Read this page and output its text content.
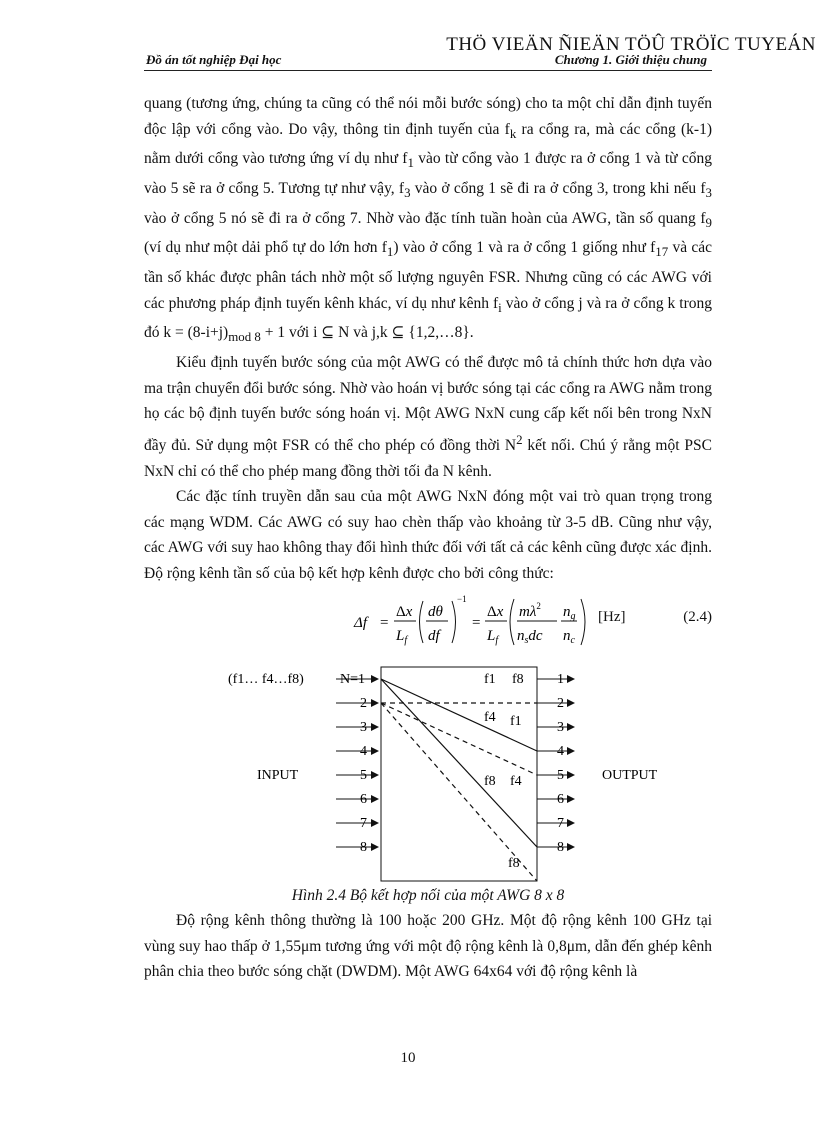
THÖ VIEÄN ÑIEÄN TÖÛ TRÖÏC TUYEÁN
Đồ án tốt nghiệp Đại học	Chương 1. Giới thiệu chung

quang (tương ứng, chúng ta cũng có thể nói mỗi bước sóng) cho ta một chỉ dẫn định tuyến độc lập với cổng vào. Do vậy, thông tin định tuyến của $f_k$ ra cổng ra, mà các cổng (k-1) nằm dưới cổng vào tương ứng ví dụ như $f_1$ vào từ cổng vào 1 được ra ở cổng 1 và từ cổng vào 5 sẽ ra ở cổng 5. Tương tự như vậy, $f_3$ vào ở cổng 1 sẽ đi ra ở cổng 3, trong khi nếu $f_3$ vào ở cổng 5 nó sẽ đi ra ở cổng 7. Nhờ vào đặc tính tuần hoàn của AWG, tần số quang $f_9$ (ví dụ như một dải phổ tự do lớn hơn $f_1$) vào ở cổng 1 và ra ở cổng 1 giống như $f_{17}$ và các tần số khác được phân tách nhờ một số lượng nguyên FSR. Nhưng cũng có các AWG với các phương pháp định tuyến kênh khác, ví dụ như kênh $f_i$ vào ở cổng j và ra ở cổng k trong đó $k = (8-i+j)_{mod 8} + 1$ với i ⊆ N và j,k ⊆ {1,2,…8}.

Kiểu định tuyến bước sóng của một AWG có thể được mô tả chính thức hơn dựa vào ma trận chuyển đổi bước sóng. Nhờ vào hoán vị bước sóng tại các cổng ra AWG nằm trong họ các bộ định tuyến bước sóng hoán vị. Một AWG NxN cung cấp kết nối bên trong NxN đầy đủ. Sử dụng một FSR có thể cho phép có đồng thời $N^2$ kết nối. Chú ý rằng một PSC NxN chỉ có thể cho phép mang đồng thời tối đa N kênh.

Các đặc tính truyền dẫn sau của một AWG NxN đóng một vai trò quan trọng trong các mạng WDM. Các AWG có suy hao chèn thấp vào khoảng từ 3-5 dB. Cũng như vậy, các AWG với suy hao không thay đổi hình thức đối với tất cả các kênh cũng được xác định. Độ rộng kênh tần số của bộ kết hợp kênh được cho bởi công thức:

Δf =
Δx
$L_f$
dθ
df
−1
=
Δx
$L_f$
$m\lambda^2$
$n_sdc$
$n_g$
$n_c$
[Hz]	(2.4)
(f1… f4…f8)	N=1
2
3
4
5
6
7
8
1
2
3
4
5
6
7
8
INPUT	OUTPUT
f1 f8
f4 f1
f8 f4
f8

Hình 2.4 Bộ kết hợp nối của một AWG 8 x 8

Độ rộng kênh thông thường là 100 hoặc 200 GHz. Một độ rộng kênh 100 GHz tại vùng suy hao thấp ở 1,55μm tương ứng với một độ rộng kênh là 0,8μm, dẫn đến ghép kênh phân chia theo bước sóng chặt (DWDM). Một AWG 64x64 với độ rộng kênh là

10
